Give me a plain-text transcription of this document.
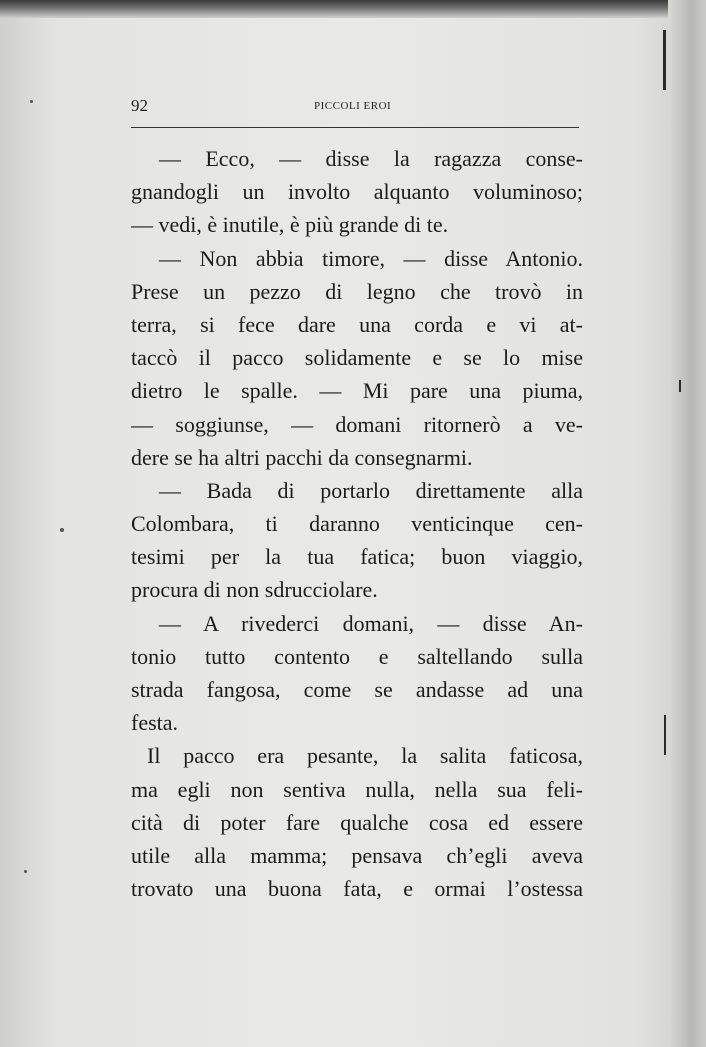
92	PICCOLI EROI
— Ecco, — disse la ragazza conse-
gnandogli un involto alquanto voluminoso;
— vedi, è inutile, è più grande di te.
— Non abbia timore, — disse Antonio.
Prese un pezzo di legno che trovò in
terra, si fece dare una corda e vi at-
taccò il pacco solidamente e se lo mise
dietro le spalle. — Mi pare una piuma,
— soggiunse, — domani ritornerò a ve-
dere se ha altri pacchi da consegnarmi.
— Bada di portarlo direttamente alla
Colombara, ti daranno venticinque cen-
tesimi per la tua fatica; buon viaggio,
procura di non sdrucciolare.
— A rivederci domani, — disse An-
tonio tutto contento e saltellando sulla
strada fangosa, come se andasse ad una
festa.
Il pacco era pesante, la salita faticosa,
ma egli non sentiva nulla, nella sua feli-
cità di poter fare qualche cosa ed essere
utile alla mamma; pensava ch’egli aveva
trovato una buona fata, e ormai l’ostessa
